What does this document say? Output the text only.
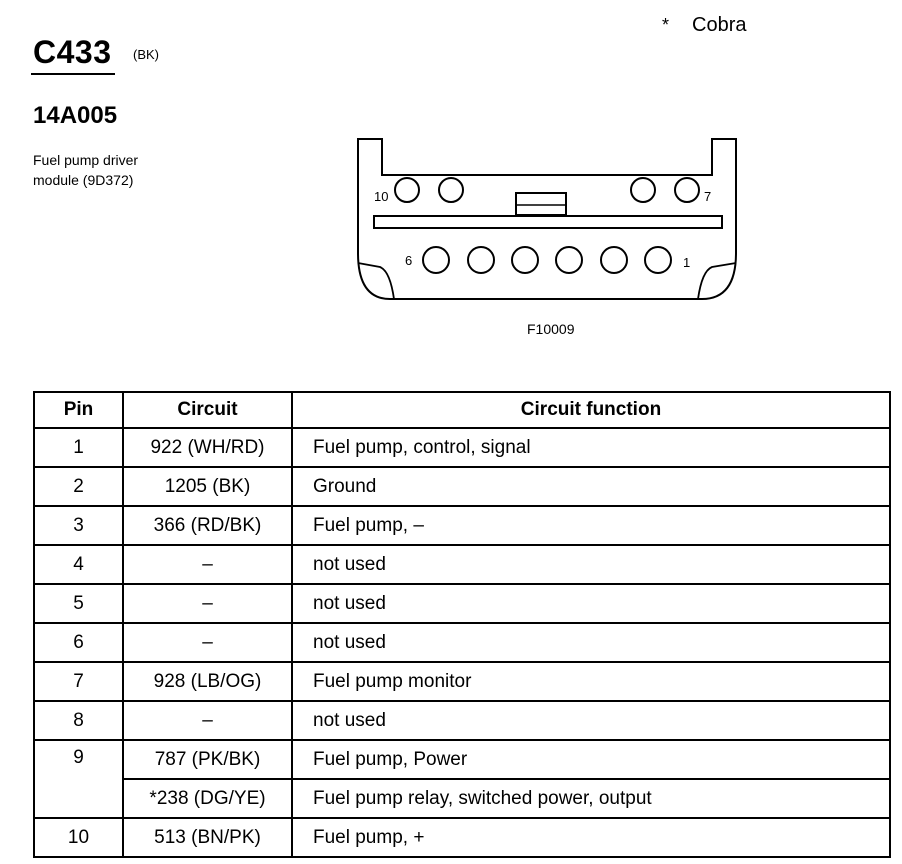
C433 (BK)
* Cobra
14A005
Fuel pump driver
module (9D372)
10	7
6	1
F10009
Pin	Circuit	Circuit function
1	922 (WH/RD)	Fuel pump, control, signal
2	1205 (BK)	Ground
3	366 (RD/BK)	Fuel pump, –
4	–	not used
5	–	not used
6	–	not used
7	928 (LB/OG)	Fuel pump monitor
8	–	not used
9	787 (PK/BK)	Fuel pump, Power
	*238 (DG/YE)	Fuel pump relay, switched power, output
10	513 (BN/PK)	Fuel pump, +
